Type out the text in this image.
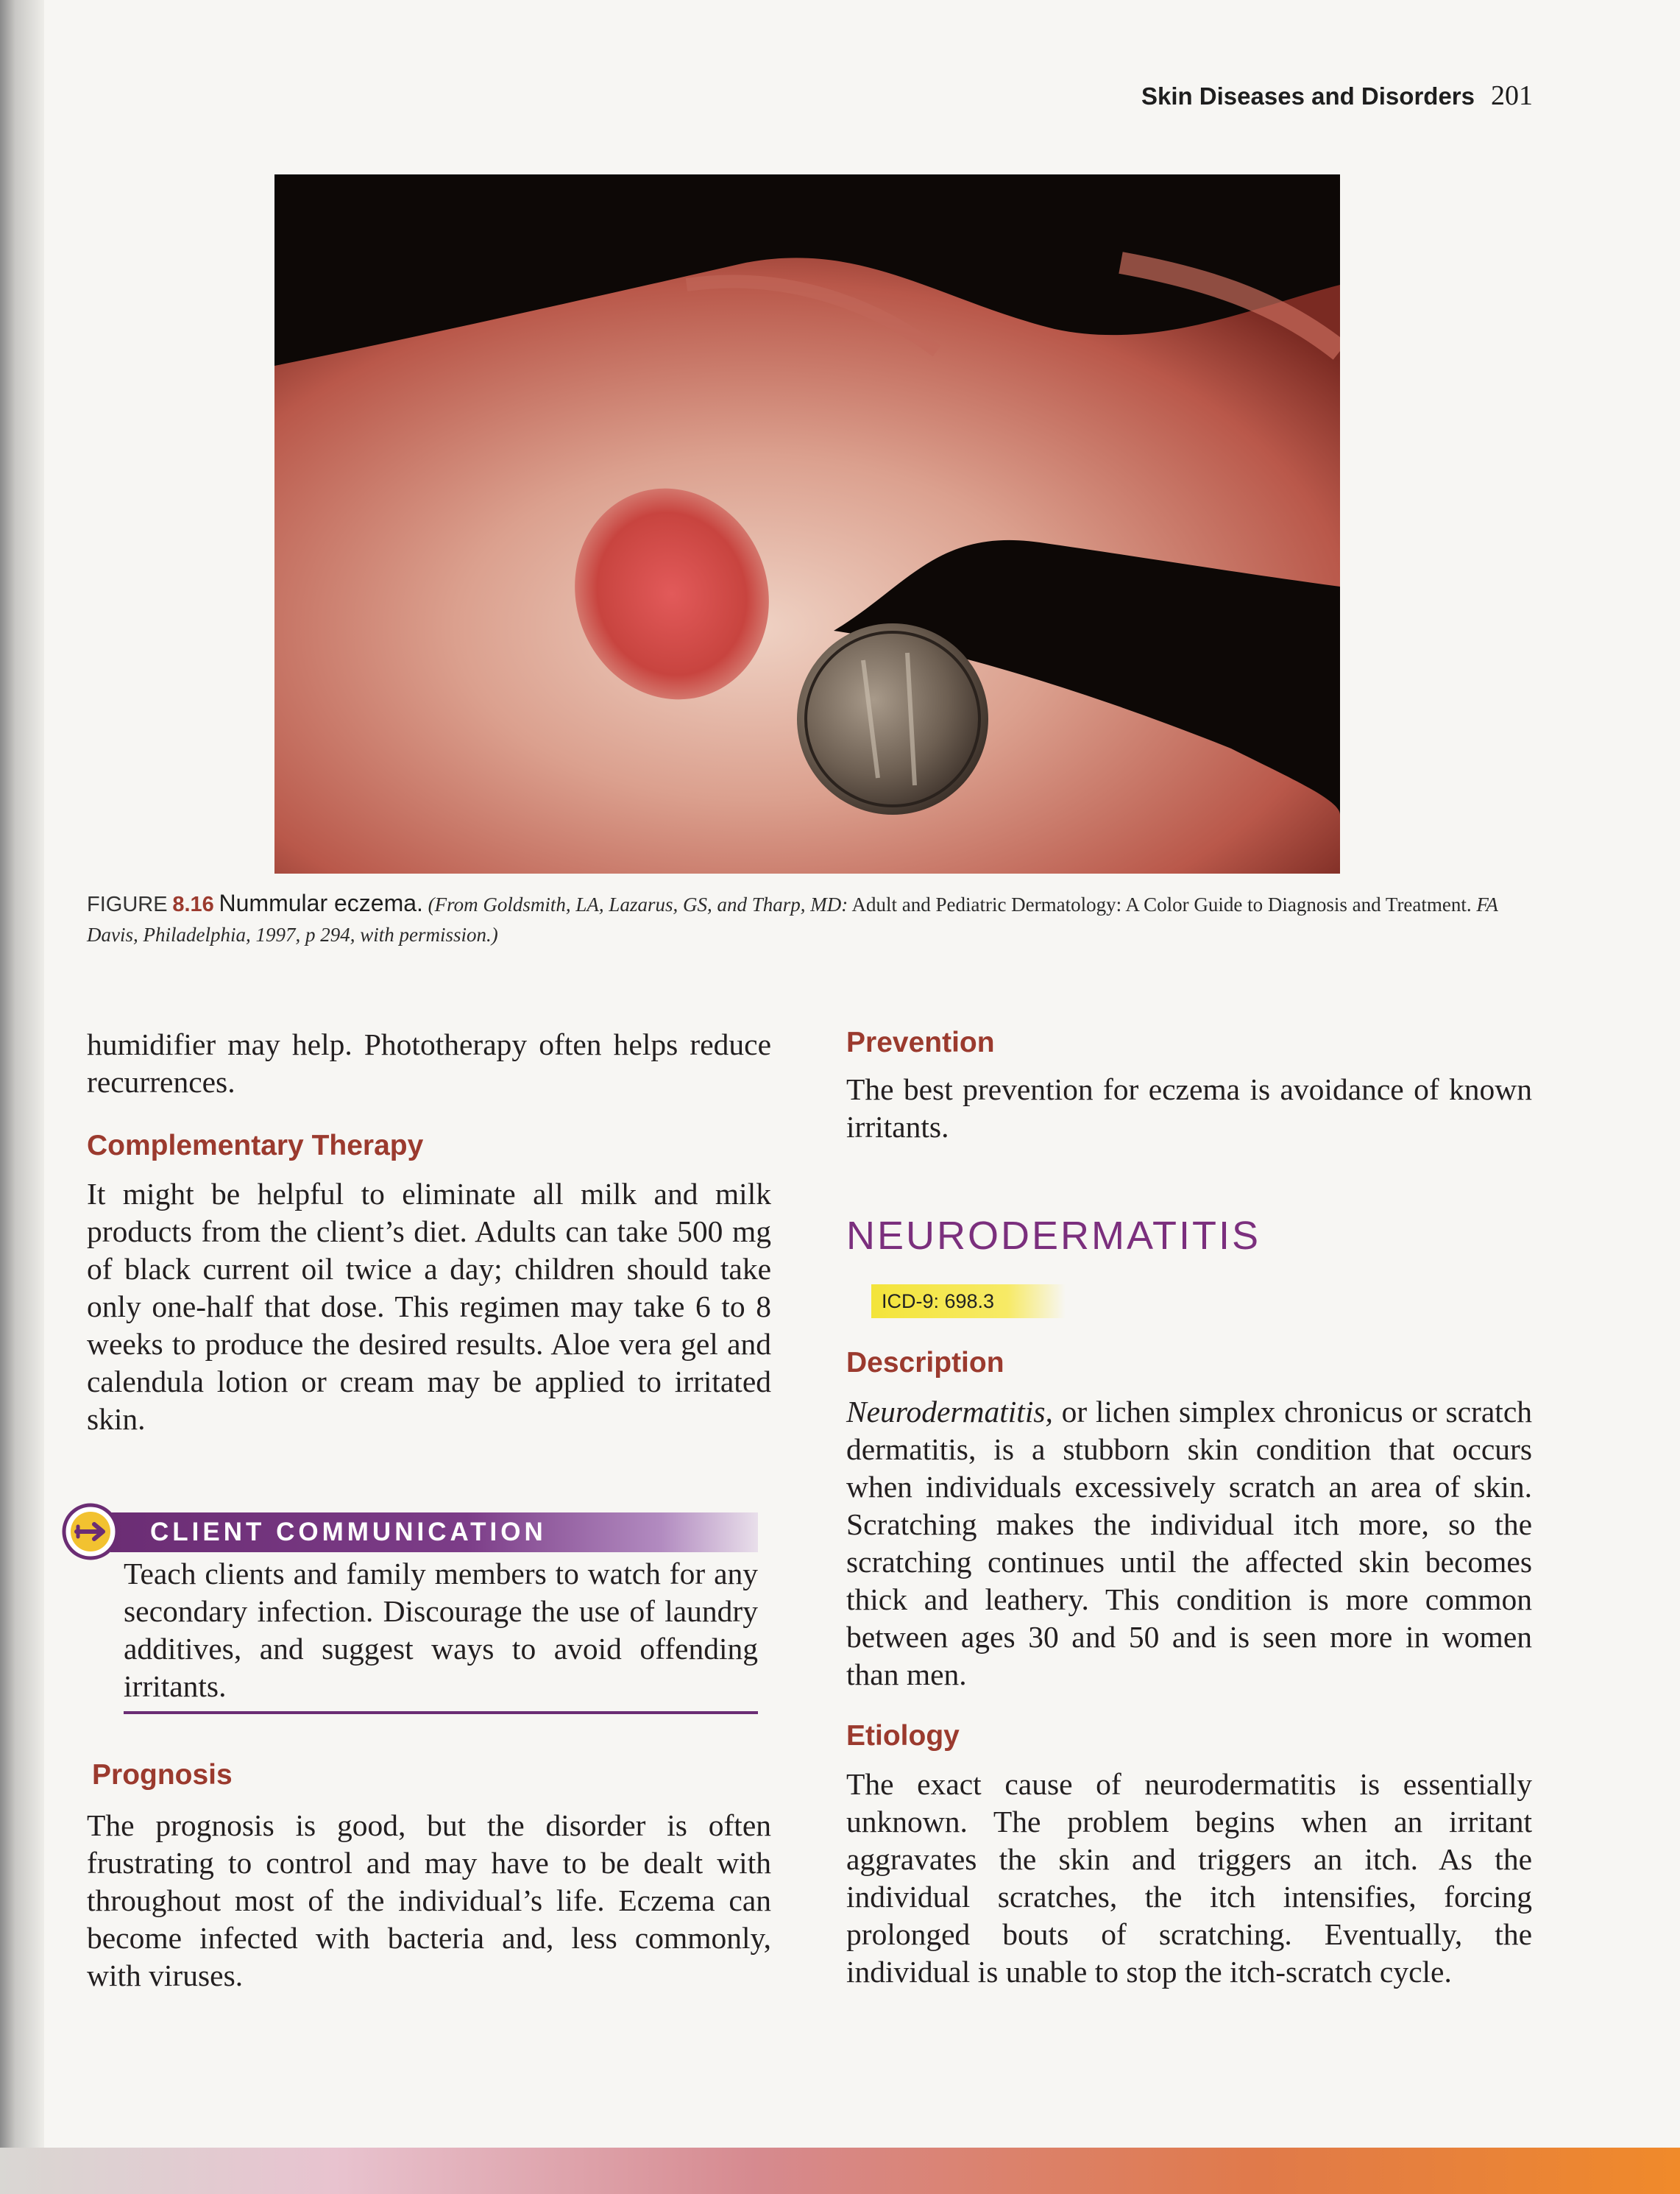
Skin Diseases and Disorders 201
FIGURE 8.16 Nummular eczema. (From Goldsmith, LA, Lazarus, GS, and Tharp, MD: Adult and Pediatric Dermatology: A Color Guide to Diagnosis and Treatment. FA Davis, Philadelphia, 1997, p 294, with permission.)

humidifier may help. Phototherapy often helps reduce recurrences.

Complementary Therapy

It might be helpful to eliminate all milk and milk products from the client’s diet. Adults can take 500 mg of black current oil twice a day; children should take only one-half that dose. This regimen may take 6 to 8 weeks to produce the desired results. Aloe vera gel and calendula lotion or cream may be applied to irritated skin.

CLIENT COMMUNICATION

Teach clients and family members to watch for any secondary infection. Discourage the use of laundry additives, and suggest ways to avoid offending irritants.

Prognosis

The prognosis is good, but the disorder is often frustrating to control and may have to be dealt with throughout most of the individual’s life. Eczema can become infected with bacteria and, less commonly, with viruses.

Prevention

The best prevention for eczema is avoidance of known irritants.

NEURODERMATITIS
ICD-9: 698.3
Description

Neurodermatitis, or lichen simplex chronicus or scratch dermatitis, is a stubborn skin condition that occurs when individuals excessively scratch an area of skin. Scratching makes the individual itch more, so the scratching continues until the affected skin becomes thick and leathery. This condition is more common between ages 30 and 50 and is seen more in women than men.

Etiology

The exact cause of neurodermatitis is essentially unknown. The problem begins when an irritant aggravates the skin and triggers an itch. As the individual scratches, the itch intensifies, forcing prolonged bouts of scratching. Eventually, the individual is unable to stop the itch-scratch cycle.
